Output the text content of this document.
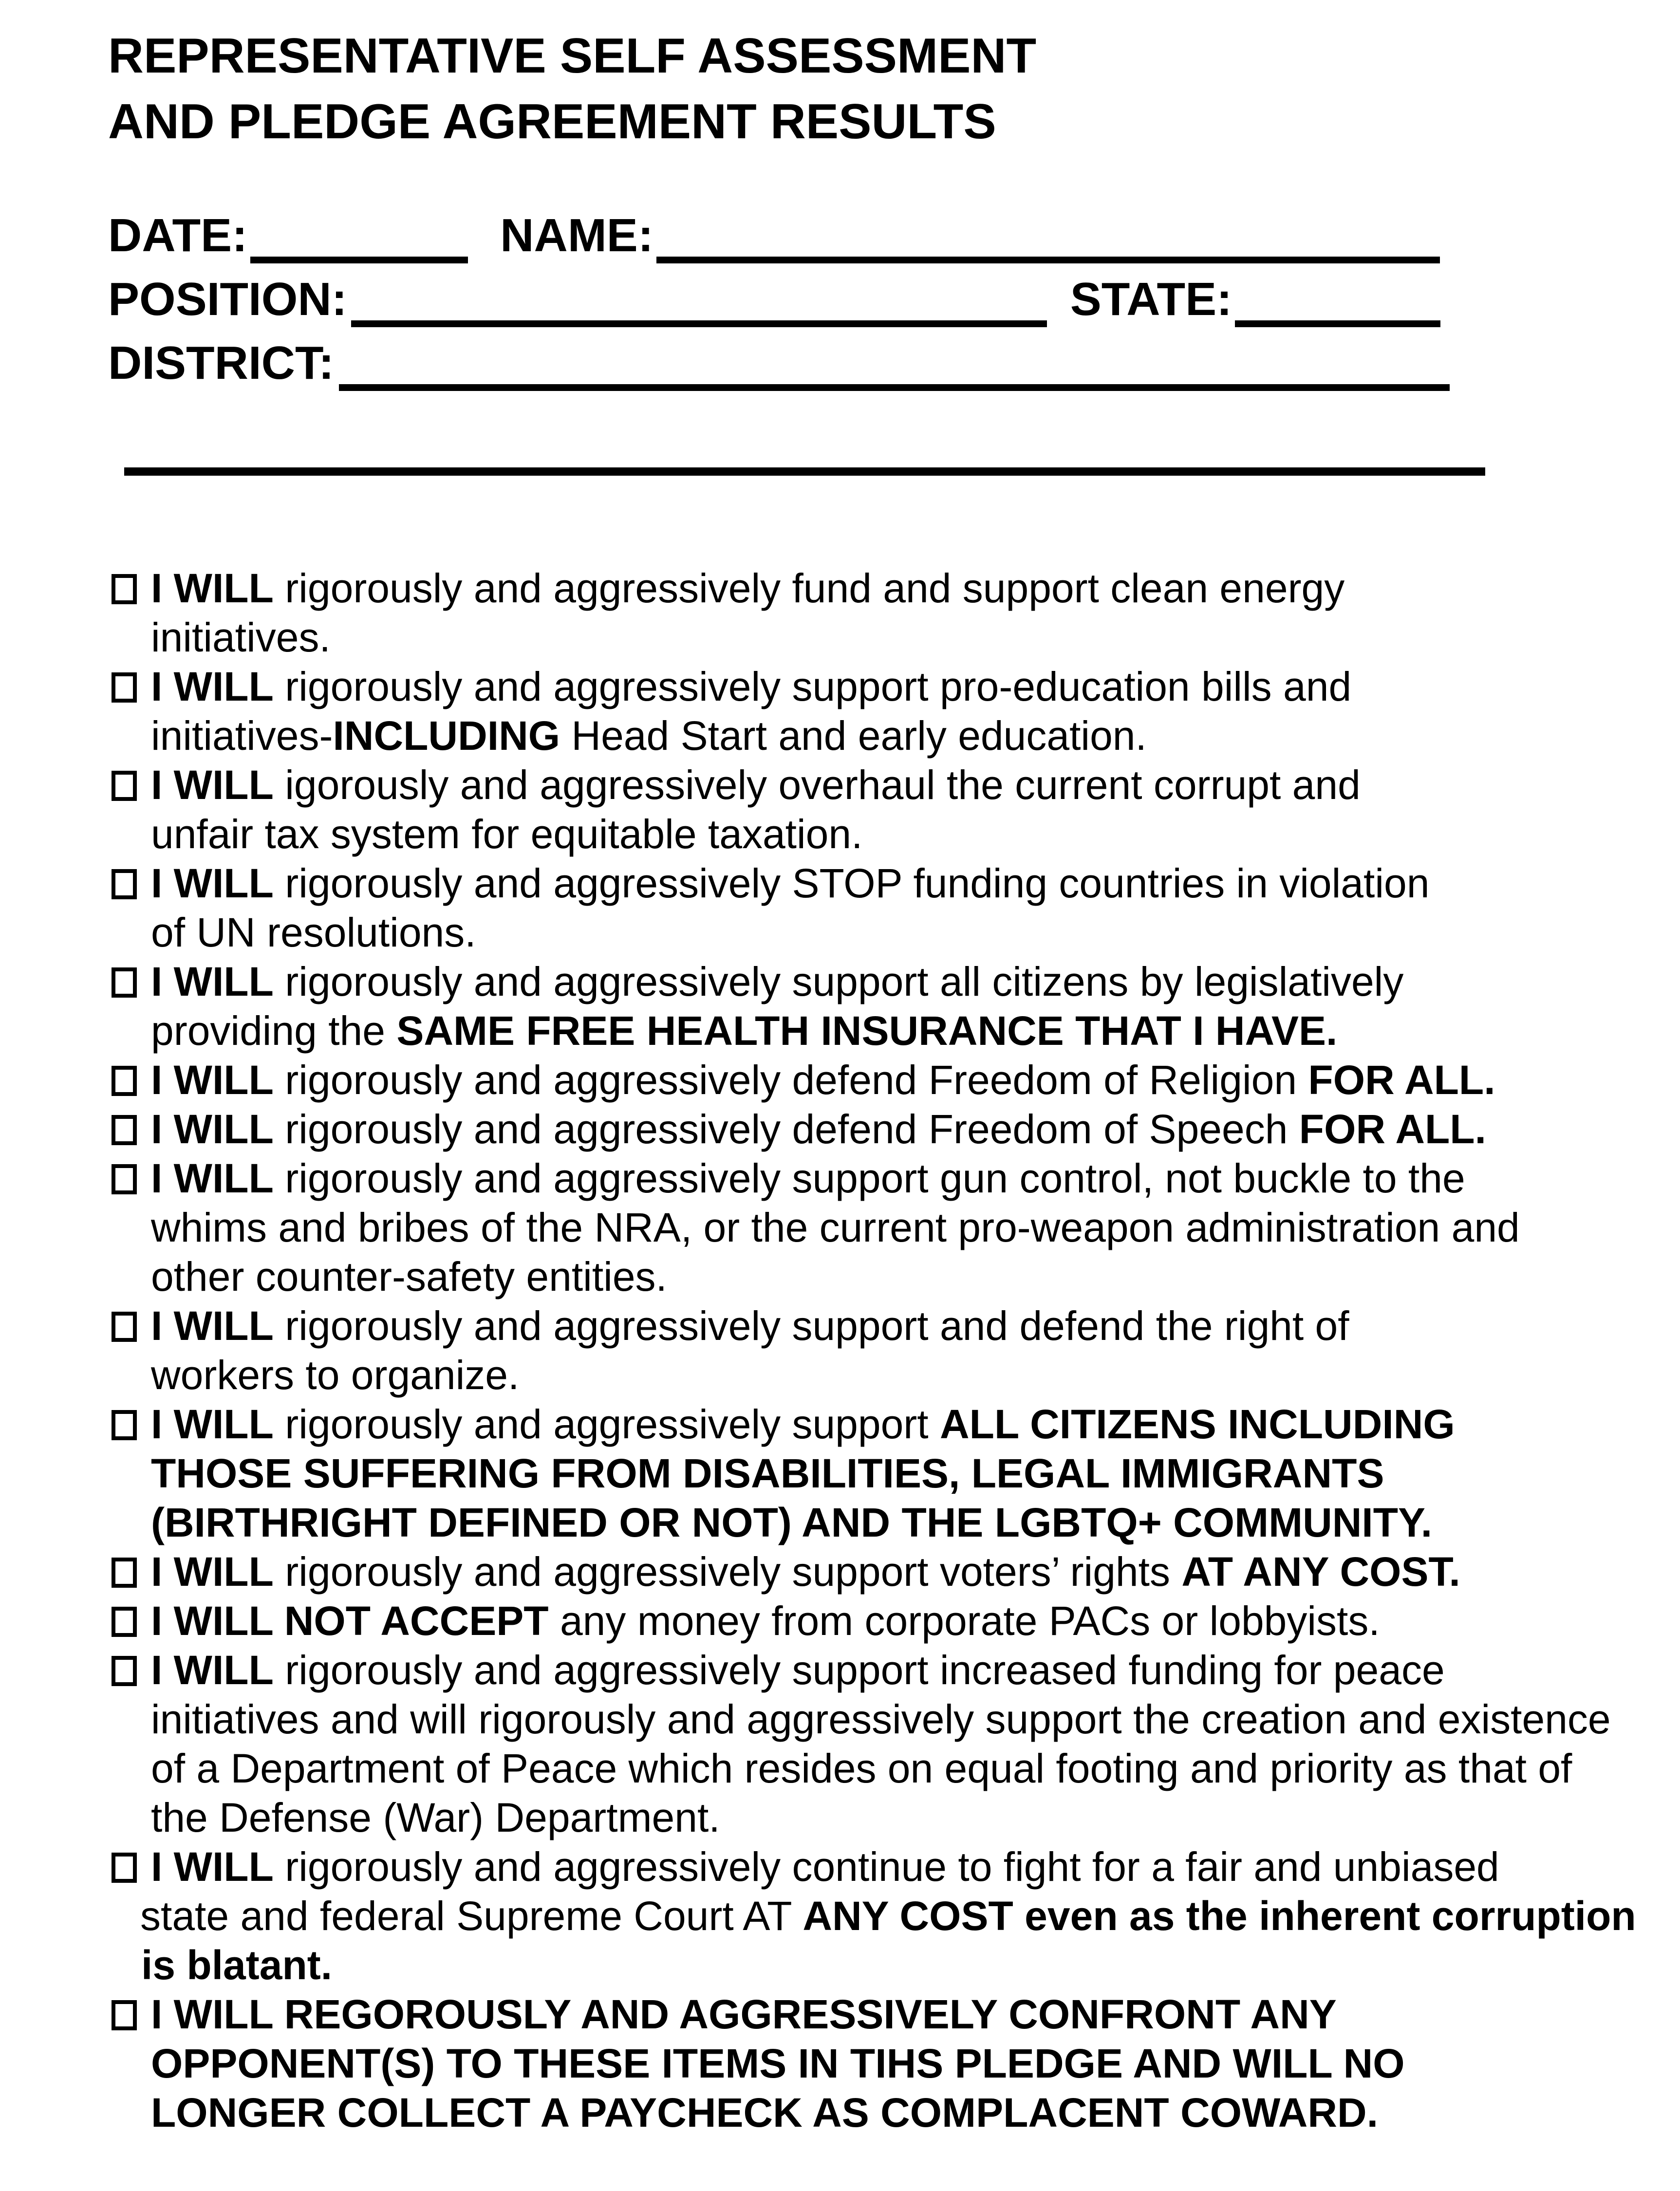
REPRESENTATIVE SELF ASSESSMENT
AND PLEDGE AGREEMENT RESULTS
DATE:	NAME:
POSITION:	STATE:
DISTRICT:
I WILL rigorously and aggressively fund and support clean energy
initiatives.
I WILL rigorously and aggressively support pro-education bills and
initiatives-INCLUDING Head Start and early education.
I WILL igorously and aggressively overhaul the current corrupt and
unfair tax system for equitable taxation.
I WILL rigorously and aggressively STOP funding countries in violation
of UN resolutions.
I WILL rigorously and aggressively support all citizens by legislatively
providing the SAME FREE HEALTH INSURANCE THAT I HAVE.
I WILL rigorously and aggressively defend Freedom of Religion FOR ALL.
I WILL rigorously and aggressively defend Freedom of Speech FOR ALL.
I WILL rigorously and aggressively support gun control, not buckle to the
whims and bribes of the NRA, or the current pro-weapon administration and
other counter-safety entities.
I WILL rigorously and aggressively support and defend the right of
workers to organize.
I WILL rigorously and aggressively support ALL CITIZENS INCLUDING
THOSE SUFFERING FROM DISABILITIES, LEGAL IMMIGRANTS
(BIRTHRIGHT DEFINED OR NOT) AND THE LGBTQ+ COMMUNITY.
I WILL rigorously and aggressively support voters’ rights AT ANY COST.
I WILL NOT ACCEPT any money from corporate PACs or lobbyists.
I WILL rigorously and aggressively support increased funding for peace
initiatives and will rigorously and aggressively support the creation and existence
of a Department of Peace which resides on equal footing and priority as that of
the Defense (War) Department.
I WILL rigorously and aggressively continue to fight for a fair and unbiased
state and federal Supreme Court AT ANY COST even as the inherent corruption
is blatant.
I WILL REGOROUSLY AND AGGRESSIVELY CONFRONT ANY
OPPONENT(S) TO THESE ITEMS IN TIHS PLEDGE AND WILL NO
LONGER COLLECT A PAYCHECK AS COMPLACENT COWARD.
